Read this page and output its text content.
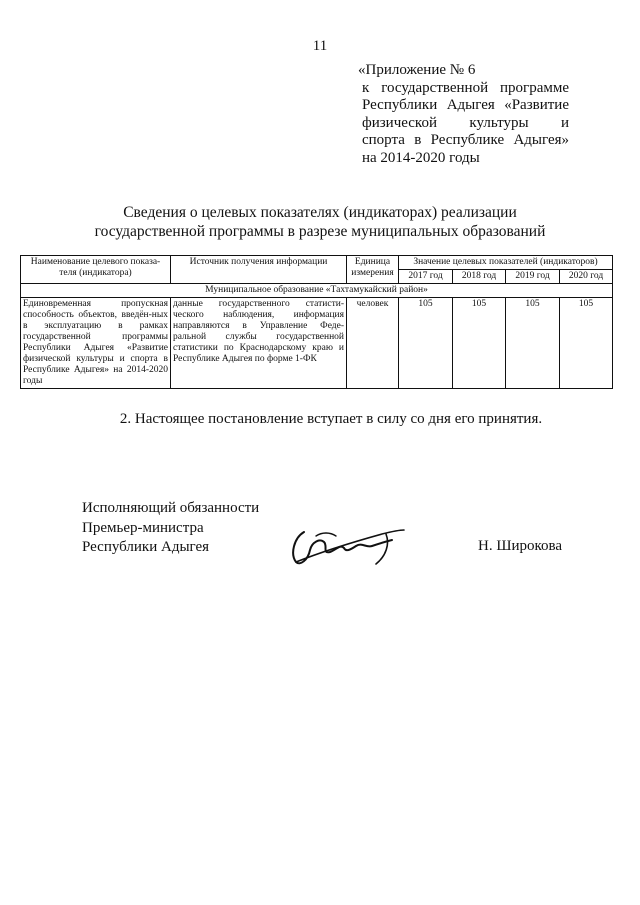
11
«Приложение № 6
к государственной программе
Республики Адыгея «Развитие
физической культуры и
спорта в Республике Адыгея»
на 2014-2020 годы
Сведения о целевых показателях (индикаторах) реализации
государственной программы в разрезе муниципальных образований
Наименование целевого показа-теля (индикатора)	Источник получения информации	Единица измерения	Значение целевых показателей (индикаторов)			
			2017 год	2018 год	2019 год	2020 год
Муниципальное образование «Тахтамукайский район»						
Единовременная пропускная способность объектов, введён-ных в эксплуатацию в рамках государственной программы Республики Адыгея «Развитие физической культуры и спорта в Республике Адыгея» на 2014-2020 годы	данные государственного статисти-ческого наблюдения, информация направляются в Управление Феде-ральной службы государственной статистики по Краснодарскому краю и Республике Адыгея по форме 1-ФК	человек	105	105	105	105
2. Настоящее постановление вступает в силу со дня его принятия.
Исполняющий обязанности
Премьер-министра
Республики Адыгея	Н. Широкова
